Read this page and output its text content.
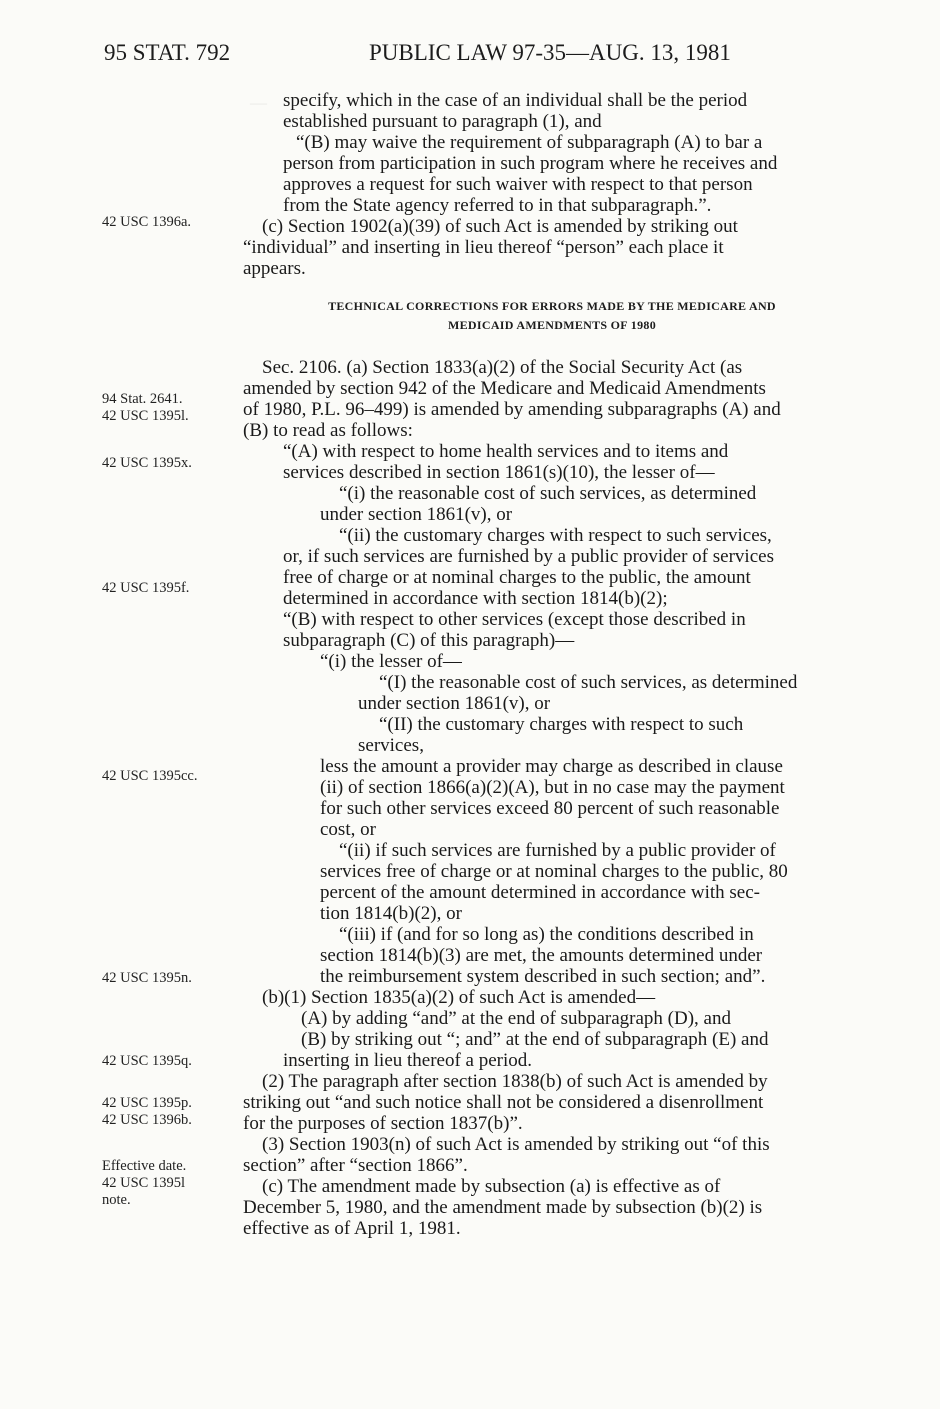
—
95 STAT. 792	PUBLIC LAW 97-35—AUG. 13, 1981
42 USC 1396a.
94 Stat. 2641.
42 USC 1395l.
42 USC 1395x.
42 USC 1395f.
42 USC 1395cc.
42 USC 1395n.
42 USC 1395q.
42 USC 1395p.
42 USC 1396b.
Effective date.
42 USC 1395l
note.
TECHNICAL CORRECTIONS FOR ERRORS MADE BY THE MEDICARE AND
MEDICAID AMENDMENTS OF 1980
specify, which in the case of an individual shall be the period
established pursuant to paragraph (1), and
“(B) may waive the requirement of subparagraph (A) to bar a
person from participation in such program where he receives and
approves a request for such waiver with respect to that person
from the State agency referred to in that subparagraph.”.
(c) Section 1902(a)(39) of such Act is amended by striking out
“individual” and inserting in lieu thereof “person” each place it
appears.
Sec. 2106. (a) Section 1833(a)(2) of the Social Security Act (as
amended by section 942 of the Medicare and Medicaid Amendments
of 1980, P.L. 96–499) is amended by amending subparagraphs (A) and
(B) to read as follows:
“(A) with respect to home health services and to items and
services described in section 1861(s)(10), the lesser of—
“(i) the reasonable cost of such services, as determined
under section 1861(v), or
“(ii) the customary charges with respect to such services,
or, if such services are furnished by a public provider of services
free of charge or at nominal charges to the public, the amount
determined in accordance with section 1814(b)(2);
“(B) with respect to other services (except those described in
subparagraph (C) of this paragraph)—
“(i) the lesser of—
“(I) the reasonable cost of such services, as determined
under section 1861(v), or
“(II) the customary charges with respect to such
services,
less the amount a provider may charge as described in clause
(ii) of section 1866(a)(2)(A), but in no case may the payment
for such other services exceed 80 percent of such reasonable
cost, or
“(ii) if such services are furnished by a public provider of
services free of charge or at nominal charges to the public, 80
percent of the amount determined in accordance with sec-
tion 1814(b)(2), or
“(iii) if (and for so long as) the conditions described in
section 1814(b)(3) are met, the amounts determined under
the reimbursement system described in such section; and”.
(b)(1) Section 1835(a)(2) of such Act is amended—
(A) by adding “and” at the end of subparagraph (D), and
(B) by striking out “; and” at the end of subparagraph (E) and
inserting in lieu thereof a period.
(2) The paragraph after section 1838(b) of such Act is amended by
striking out “and such notice shall not be considered a disenrollment
for the purposes of section 1837(b)”.
(3) Section 1903(n) of such Act is amended by striking out “of this
section” after “section 1866”.
(c) The amendment made by subsection (a) is effective as of
December 5, 1980, and the amendment made by subsection (b)(2) is
effective as of April 1, 1981.
